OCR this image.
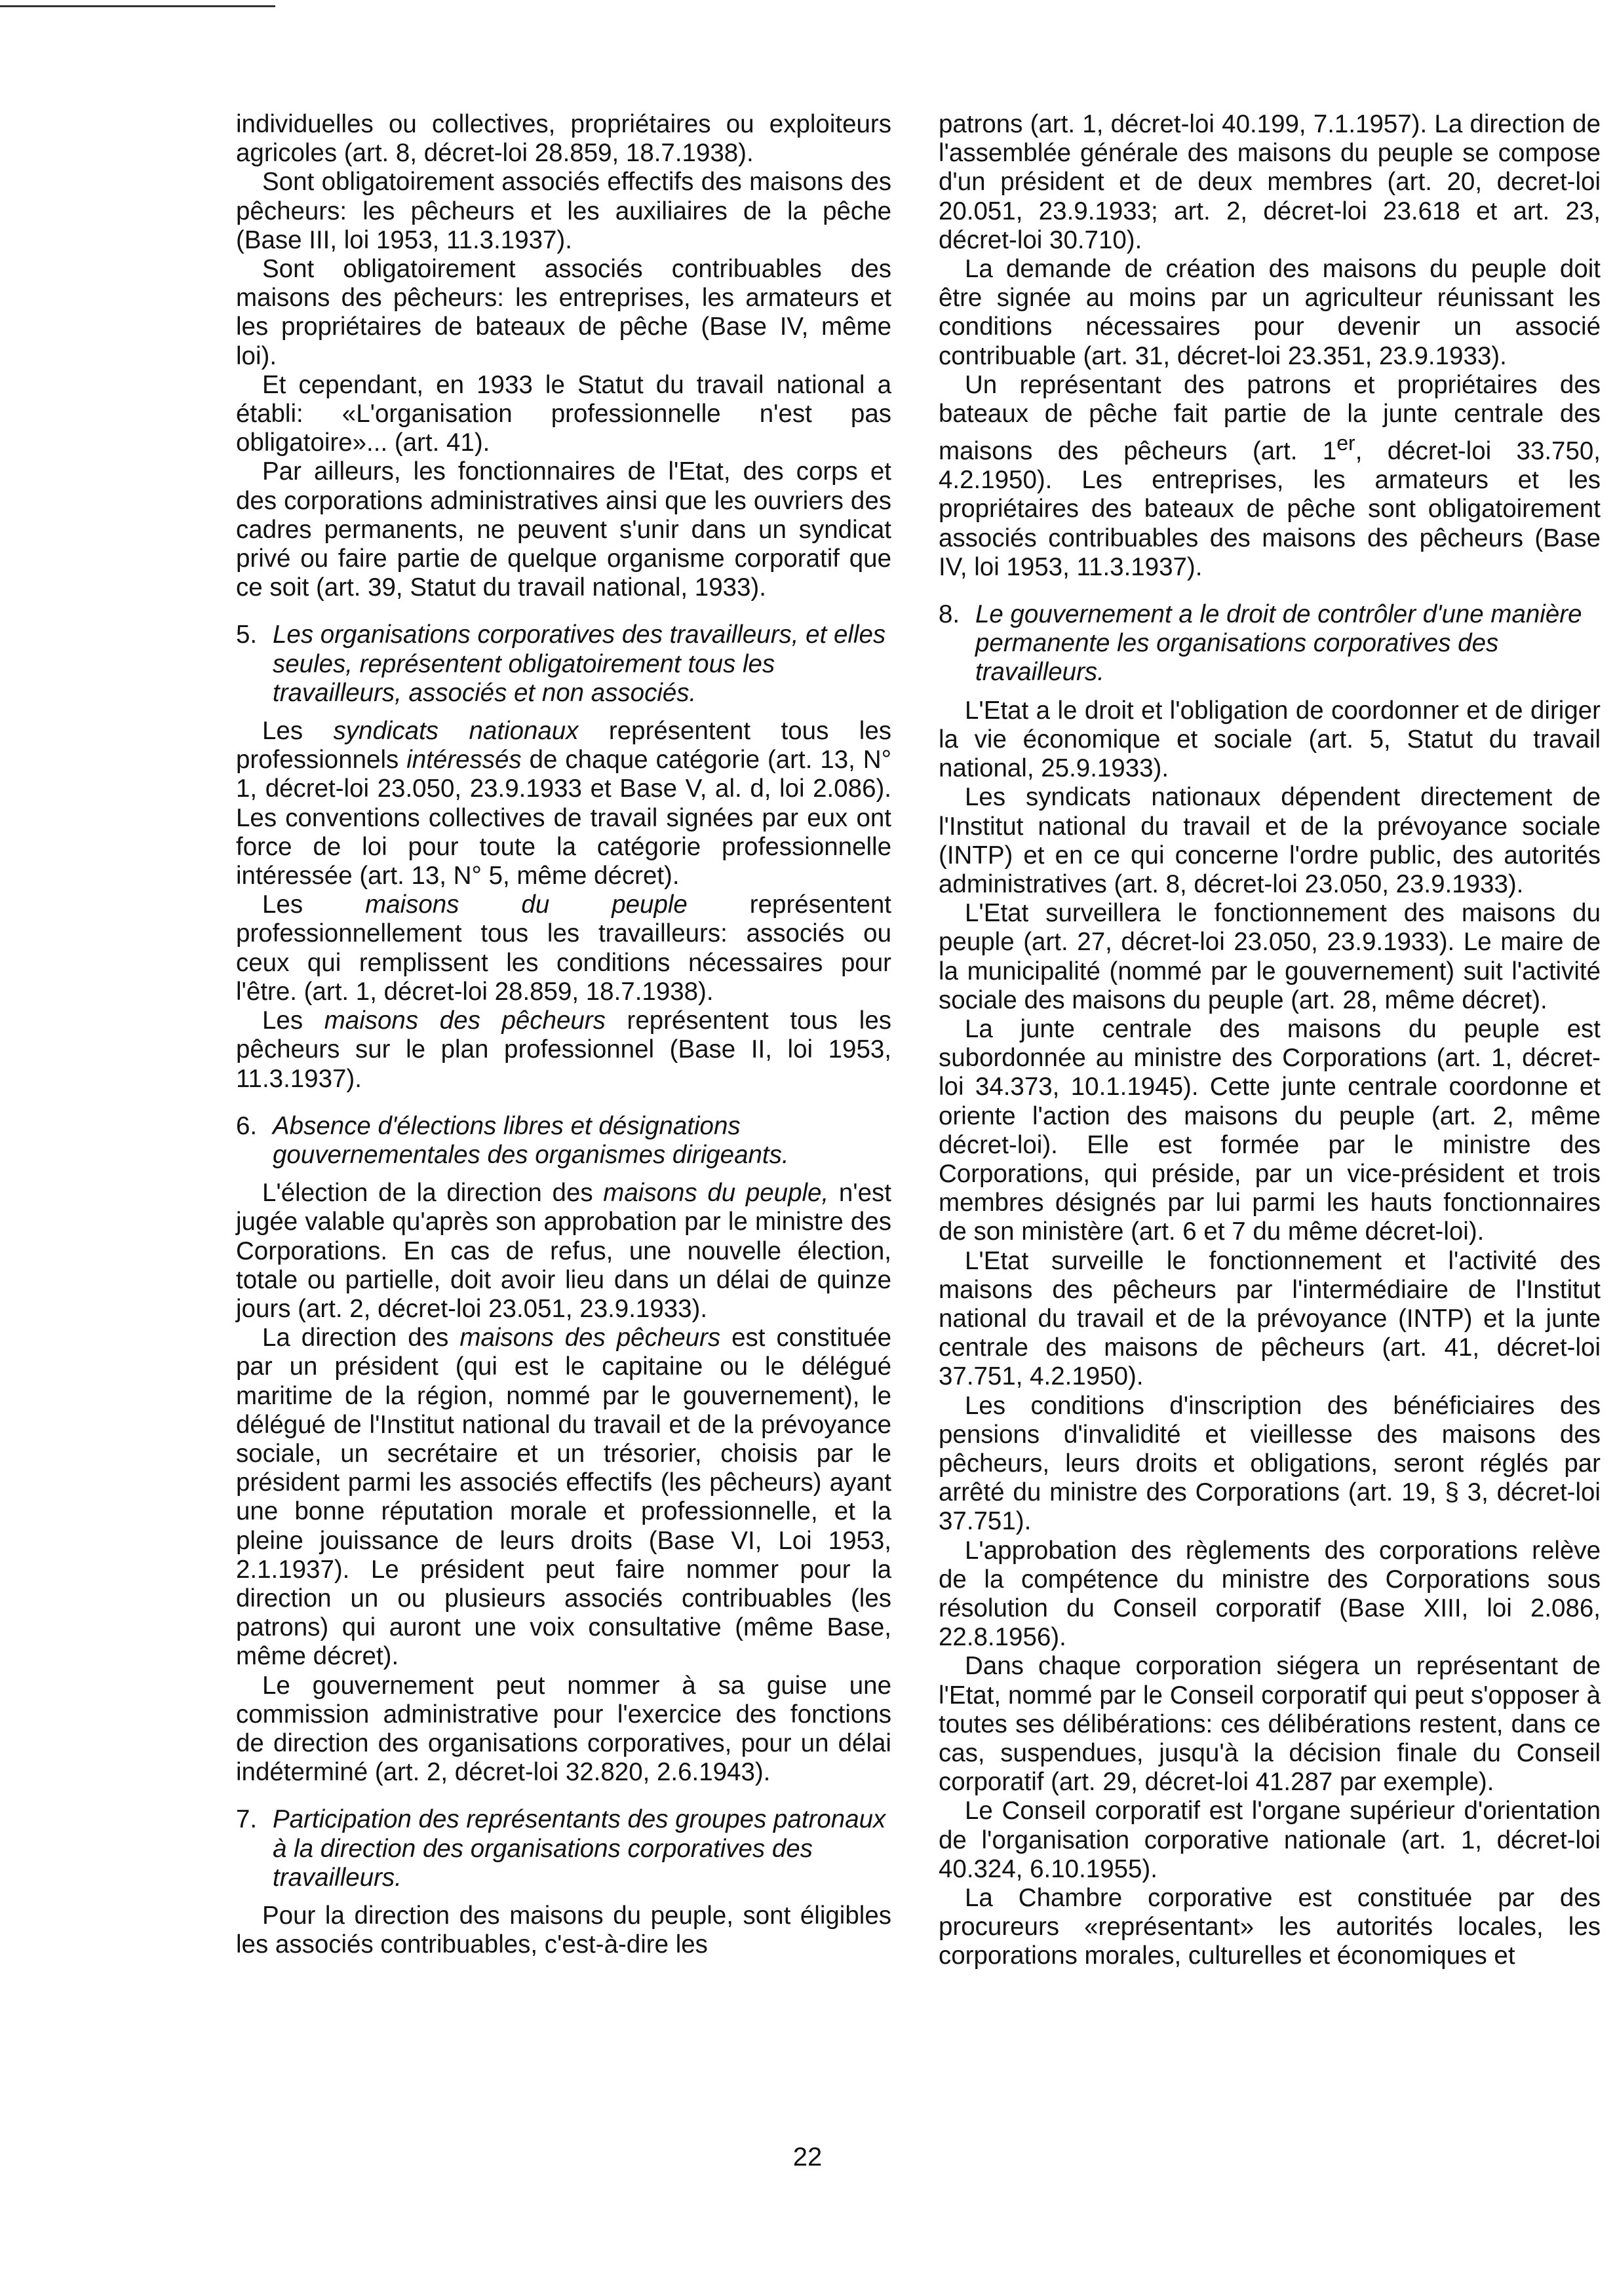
individuelles ou collectives, propriétaires ou exploiteurs agricoles (art. 8, décret-loi 28.859, 18.7.1938).

Sont obligatoirement associés effectifs des maisons des pêcheurs: les pêcheurs et les auxiliaires de la pêche (Base III, loi 1953, 11.3.1937).

Sont obligatoirement associés contribuables des maisons des pêcheurs: les entreprises, les armateurs et les propriétaires de bateaux de pêche (Base IV, même loi).

Et cependant, en 1933 le Statut du travail national a établi: «L'organisation professionnelle n'est pas obligatoire»... (art. 41).

Par ailleurs, les fonctionnaires de l'Etat, des corps et des corporations administratives ainsi que les ouvriers des cadres permanents, ne peuvent s'unir dans un syndicat privé ou faire partie de quelque organisme corporatif que ce soit (art. 39, Statut du travail national, 1933).

5. Les organisations corporatives des travailleurs, et elles seules, représentent obligatoirement tous les travailleurs, associés et non associés.

Les syndicats nationaux représentent tous les professionnels intéressés de chaque catégorie (art. 13, N° 1, décret-loi 23.050, 23.9.1933 et Base V, al. d, loi 2.086). Les conventions collectives de travail signées par eux ont force de loi pour toute la catégorie professionnelle intéressée (art. 13, N° 5, même décret).

Les maisons du peuple représentent professionnellement tous les travailleurs: associés ou ceux qui remplissent les conditions nécessaires pour l'être. (art. 1, décret-loi 28.859, 18.7.1938).

Les maisons des pêcheurs représentent tous les pêcheurs sur le plan professionnel (Base II, loi 1953, 11.3.1937).

6. Absence d'élections libres et désignations gouvernementales des organismes dirigeants.

L'élection de la direction des maisons du peuple, n'est jugée valable qu'après son approbation par le ministre des Corporations. En cas de refus, une nouvelle élection, totale ou partielle, doit avoir lieu dans un délai de quinze jours (art. 2, décret-loi 23.051, 23.9.1933).

La direction des maisons des pêcheurs est constituée par un président (qui est le capitaine ou le délégué maritime de la région, nommé par le gouvernement), le délégué de l'Institut national du travail et de la prévoyance sociale, un secrétaire et un trésorier, choisis par le président parmi les associés effectifs (les pêcheurs) ayant une bonne réputation morale et professionnelle, et la pleine jouissance de leurs droits (Base VI, Loi 1953, 2.1.1937). Le président peut faire nommer pour la direction un ou plusieurs associés contribuables (les patrons) qui auront une voix consultative (même Base, même décret).

Le gouvernement peut nommer à sa guise une commission administrative pour l'exercice des fonctions de direction des organisations corporatives, pour un délai indéterminé (art. 2, décret-loi 32.820, 2.6.1943).

7. Participation des représentants des groupes patronaux à la direction des organisations corporatives des travailleurs.

Pour la direction des maisons du peuple, sont éligibles les associés contribuables, c'est-à-dire les

patrons (art. 1, décret-loi 40.199, 7.1.1957). La direction de l'assemblée générale des maisons du peuple se compose d'un président et de deux membres (art. 20, decret-loi 20.051, 23.9.1933; art. 2, décret-loi 23.618 et art. 23, décret-loi 30.710).

La demande de création des maisons du peuple doit être signée au moins par un agriculteur réunissant les conditions nécessaires pour devenir un associé contribuable (art. 31, décret-loi 23.351, 23.9.1933).

Un représentant des patrons et propriétaires des bateaux de pêche fait partie de la junte centrale des maisons des pêcheurs (art. 1er, décret-loi 33.750, 4.2.1950). Les entreprises, les armateurs et les propriétaires des bateaux de pêche sont obligatoirement associés contribuables des maisons des pêcheurs (Base IV, loi 1953, 11.3.1937).

8. Le gouvernement a le droit de contrôler d'une manière permanente les organisations corporatives des travailleurs.

L'Etat a le droit et l'obligation de coordonner et de diriger la vie économique et sociale (art. 5, Statut du travail national, 25.9.1933).

Les syndicats nationaux dépendent directement de l'Institut national du travail et de la prévoyance sociale (INTP) et en ce qui concerne l'ordre public, des autorités administratives (art. 8, décret-loi 23.050, 23.9.1933).

L'Etat surveillera le fonctionnement des maisons du peuple (art. 27, décret-loi 23.050, 23.9.1933). Le maire de la municipalité (nommé par le gouvernement) suit l'activité sociale des maisons du peuple (art. 28, même décret).

La junte centrale des maisons du peuple est subordonnée au ministre des Corporations (art. 1, décret-loi 34.373, 10.1.1945). Cette junte centrale coordonne et oriente l'action des maisons du peuple (art. 2, même décret-loi). Elle est formée par le ministre des Corporations, qui préside, par un vice-président et trois membres désignés par lui parmi les hauts fonctionnaires de son ministère (art. 6 et 7 du même décret-loi).

L'Etat surveille le fonctionnement et l'activité des maisons des pêcheurs par l'intermédiaire de l'Institut national du travail et de la prévoyance (INTP) et la junte centrale des maisons de pêcheurs (art. 41, décret-loi 37.751, 4.2.1950).

Les conditions d'inscription des bénéficiaires des pensions d'invalidité et vieillesse des maisons des pêcheurs, leurs droits et obligations, seront réglés par arrêté du ministre des Corporations (art. 19, § 3, décret-loi 37.751).

L'approbation des règlements des corporations relève de la compétence du ministre des Corporations sous résolution du Conseil corporatif (Base XIII, loi 2.086, 22.8.1956).

Dans chaque corporation siégera un représentant de l'Etat, nommé par le Conseil corporatif qui peut s'opposer à toutes ses délibérations: ces délibérations restent, dans ce cas, suspendues, jusqu'à la décision finale du Conseil corporatif (art. 29, décret-loi 41.287 par exemple).

Le Conseil corporatif est l'organe supérieur d'orientation de l'organisation corporative nationale (art. 1, décret-loi 40.324, 6.10.1955).

La Chambre corporative est constituée par des procureurs «représentant» les autorités locales, les corporations morales, culturelles et économiques et

22
